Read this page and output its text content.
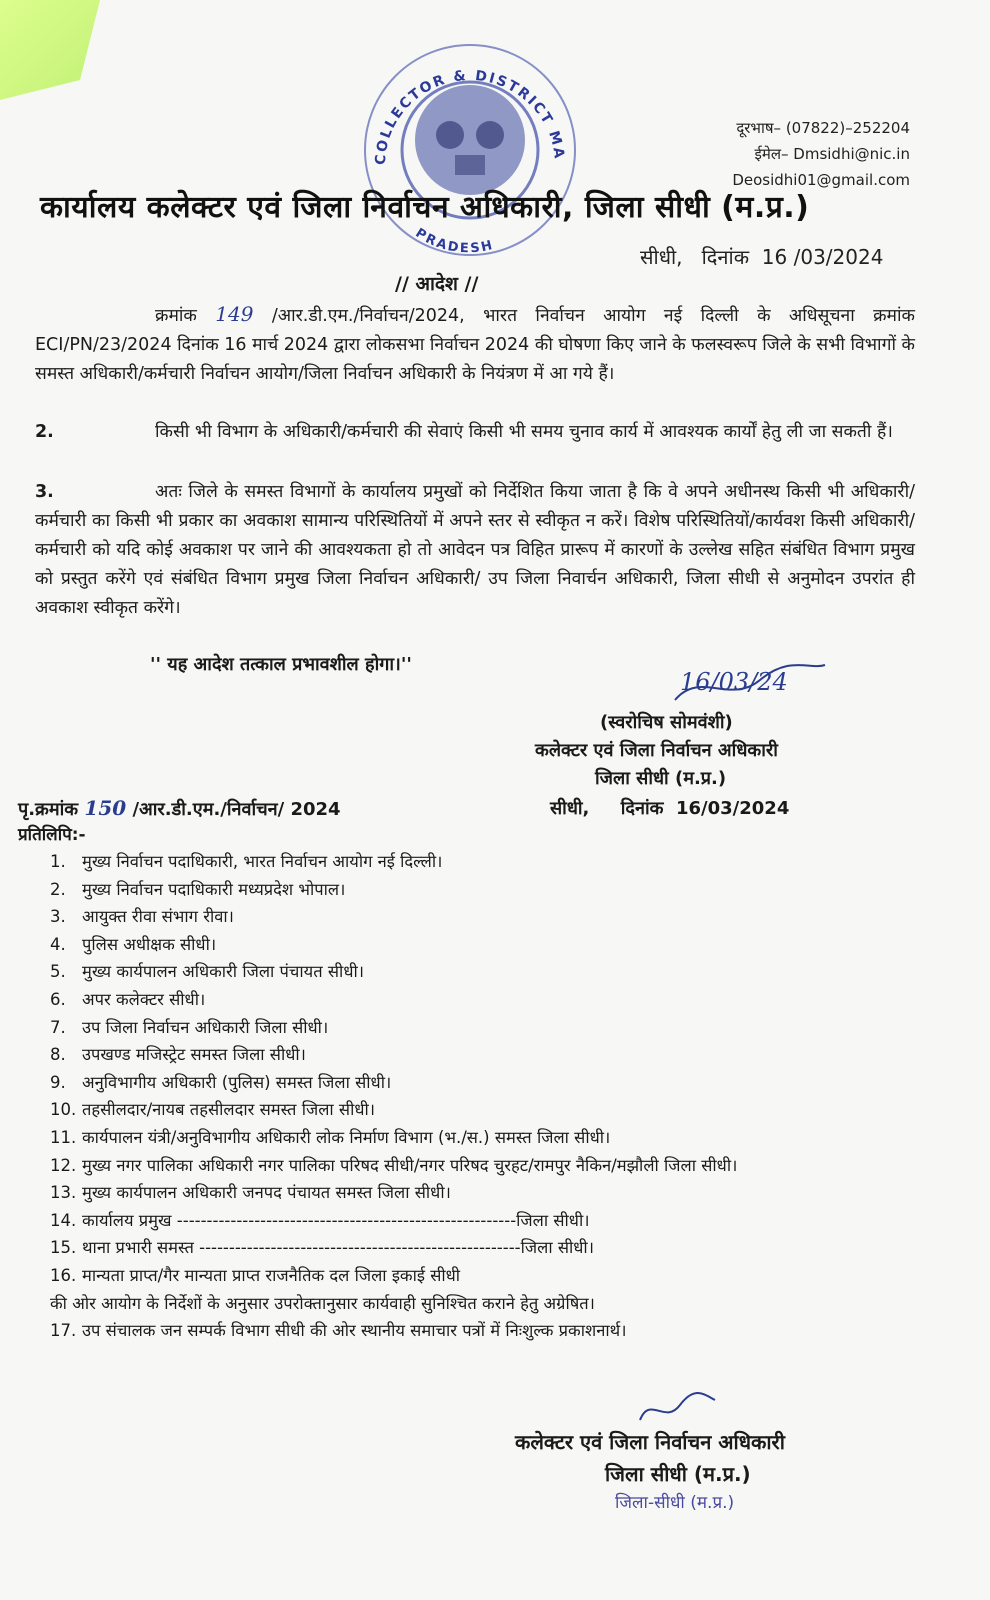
COLLECTOR & DISTRICT MA
PRADESH
दूरभाष– (07822)–252204
ईमेल– Dmsidhi@nic.in
Deosidhi01@gmail.com
कार्यालय कलेक्टर एवं जिला निर्वाचन अधिकारी, जिला सीधी (म.प्र.)
सीधी, दिनांक 16 /03/2024
// आदेश //
क्रमांक 149 /आर.डी.एम./निर्वाचन/2024, भारत निर्वाचन आयोग नई दिल्ली के अधिसूचना क्रमांक ECI/PN/23/2024 दिनांक 16 मार्च 2024 द्वारा लोकसभा निर्वाचन 2024 की घोषणा किए जाने के फलस्वरूप जिले के सभी विभागों के समस्त अधिकारी/कर्मचारी निर्वाचन आयोग/जिला निर्वाचन अधिकारी के नियंत्रण में आ गये हैं।
2.	किसी भी विभाग के अधिकारी/कर्मचारी की सेवाएं किसी भी समय चुनाव कार्य में आवश्यक कार्यों हेतु ली जा सकती हैं।
3.	अतः जिले के समस्त विभागों के कार्यालय प्रमुखों को निर्देशित किया जाता है कि वे अपने अधीनस्थ किसी भी अधिकारी/कर्मचारी का किसी भी प्रकार का अवकाश सामान्य परिस्थितियों में अपने स्तर से स्वीकृत न करें। विशेष परिस्थितियों/कार्यवश किसी अधिकारी/कर्मचारी को यदि कोई अवकाश पर जाने की आवश्यकता हो तो आवेदन पत्र विहित प्रारूप में कारणों के उल्लेख सहित संबंधित विभाग प्रमुख को प्रस्तुत करेंगे एवं संबंधित विभाग प्रमुख जिला निर्वाचन अधिकारी/ उप जिला निवार्चन अधिकारी, जिला सीधी से अनुमोदन उपरांत ही अवकाश स्वीकृत करेंगे।
'' यह आदेश तत्काल प्रभावशील होगा।''
16/03/24
(स्वरोचिष सोमवंशी)
कलेक्टर एवं जिला निर्वाचन अधिकारी
जिला सीधी (म.प्र.)
पृ.क्रमांक 150 /आर.डी.एम./निर्वाचन/ 2024	सीधी, दिनांक 16/03/2024
प्रतिलिपि:-
1. मुख्य निर्वाचन पदाधिकारी, भारत निर्वाचन आयोग नई दिल्ली।
2. मुख्य निर्वाचन पदाधिकारी मध्यप्रदेश भोपाल।
3. आयुक्त रीवा संभाग रीवा।
4. पुलिस अधीक्षक सीधी।
5. मुख्य कार्यपालन अधिकारी जिला पंचायत सीधी।
6. अपर कलेक्टर सीधी।
7. उप जिला निर्वाचन अधिकारी जिला सीधी।
8. उपखण्ड मजिस्ट्रेट समस्त जिला सीधी।
9. अनुविभागीय अधिकारी (पुलिस) समस्त जिला सीधी।
10. तहसीलदार/नायब तहसीलदार समस्त जिला सीधी।
11. कार्यपालन यंत्री/अनुविभागीय अधिकारी लोक निर्माण विभाग (भ./स.) समस्त जिला सीधी।
12. मुख्य नगर पालिका अधिकारी नगर पालिका परिषद सीधी/नगर परिषद चुरहट/रामपुर नैकिन/मझौली जिला सीधी।
13. मुख्य कार्यपालन अधिकारी जनपद पंचायत समस्त जिला सीधी।
14. कार्यालय प्रमुख ---------------------------------------------------------जिला सीधी।
15. थाना प्रभारी समस्त ------------------------------------------------------जिला सीधी।
16. मान्यता प्राप्त/गैर मान्यता प्राप्त राजनैतिक दल जिला इकाई सीधी
की ओर आयोग के निर्देशों के अनुसार उपरोक्तानुसार कार्यवाही सुनिश्चित कराने हेतु अग्रेषित।
17. उप संचालक जन सम्पर्क विभाग सीधी की ओर स्थानीय समाचार पत्रों में निःशुल्क प्रकाशनार्थ।
कलेक्टर एवं जिला निर्वाचन अधिकारी
जिला सीधी (म.प्र.)
जिला-सीधी (म.प्र.)
